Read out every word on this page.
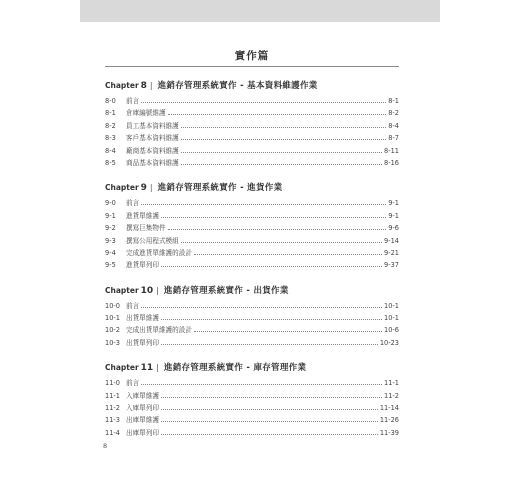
實作篇
Chapter 8 | 進銷存管理系統實作 - 基本資料維護作業
8-0	前言	8-1
8-1	倉庫編號維護	8-2
8-2	員工基本資料維護	8-4
8-3	客戶基本資料維護	8-7
8-4	廠商基本資料維護	8-11
8-5	商品基本資料維護	8-16
Chapter 9 | 進銷存管理系統實作 - 進貨作業
9-0	前言	9-1
9-1	進貨單維護	9-1
9-2	撰寫巨集物件	9-6
9-3	撰寫公用程式模組	9-14
9-4	完成進貨單維護的設計	9-21
9-5	進貨單列印	9-37
Chapter 10 | 進銷存管理系統實作 - 出貨作業
10-0 前言	10-1
10-1 出貨單維護	10-1
10-2 完成出貨單維護的設計	10-6
10-3 出貨單列印	10-23
Chapter 11 | 進銷存管理系統實作 - 庫存管理作業
11-0 前言	11-1
11-1 入庫單維護	11-2
11-2 入庫單列印	11-14
11-3 出庫單維護	11-26
11-4 出庫單列印	11-39
8
